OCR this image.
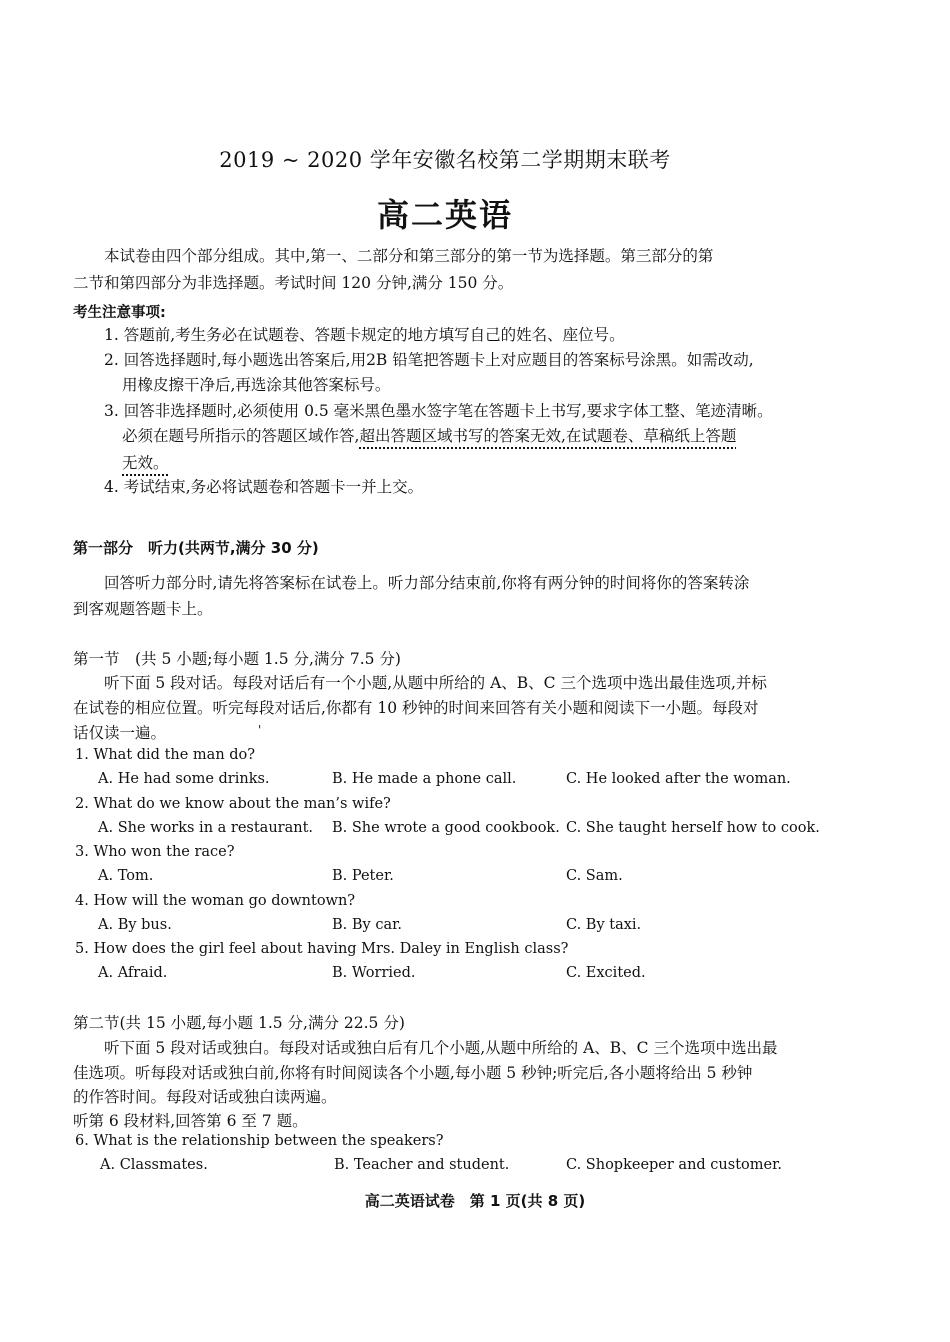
2019 ~ 2020 学年安徽名校第二学期期末联考
高二英语
本试卷由四个部分组成。其中,第一、二部分和第三部分的第一节为选择题。第三部分的第
二节和第四部分为非选择题。考试时间 120 分钟,满分 150 分。
考生注意事项:
1. 答题前,考生务必在试题卷、答题卡规定的地方填写自己的姓名、座位号。
2. 回答选择题时,每小题选出答案后,用2B 铅笔把答题卡上对应题目的答案标号涂黑。如需改动,
用橡皮擦干净后,再选涂其他答案标号。
3. 回答非选择题时,必须使用 0.5 毫米黑色墨水签字笔在答题卡上书写,要求字体工整、笔迹清晰。
必须在题号所指示的答题区域作答,超出答题区域书写的答案无效,在试题卷、草稿纸上答题
无效。
4. 考试结束,务必将试题卷和答题卡一并上交。
第一部分　听力(共两节,满分 30 分)
回答听力部分时,请先将答案标在试卷上。听力部分结束前,你将有两分钟的时间将你的答案转涂
到客观题答题卡上。
第一节　(共 5 小题;每小题 1.5 分,满分 7.5 分)
听下面 5 段对话。每段对话后有一个小题,从题中所给的 A、B、C 三个选项中选出最佳选项,并标
在试卷的相应位置。听完每段对话后,你都有 10 秒钟的时间来回答有关小题和阅读下一小题。每段对
话仅读一遍。	'
1. What did the man do?
A. He had some drinks.	B. He made a phone call.	C. He looked after the woman.
2. What do we know about the man’s wife?
A. She works in a restaurant. B. She wrote a good cookbook. C. She taught herself how to cook.
3. Who won the race?
A. Tom.	B. Peter.	C. Sam.
4. How will the woman go downtown?
A. By bus.	B. By car.	C. By taxi.
5. How does the girl feel about having Mrs. Daley in English class?
A. Afraid.	B. Worried.	C. Excited.
第二节(共 15 小题,每小题 1.5 分,满分 22.5 分)
听下面 5 段对话或独白。每段对话或独白后有几个小题,从题中所给的 A、B、C 三个选项中选出最
佳选项。听每段对话或独白前,你将有时间阅读各个小题,每小题 5 秒钟;听完后,各小题将给出 5 秒钟
的作答时间。每段对话或独白读两遍。
听第 6 段材料,回答第 6 至 7 题。
6. What is the relationship between the speakers?
A. Classmates.	B. Teacher and student.	C. Shopkeeper and customer.
高二英语试卷　第 1 页(共 8 页)
